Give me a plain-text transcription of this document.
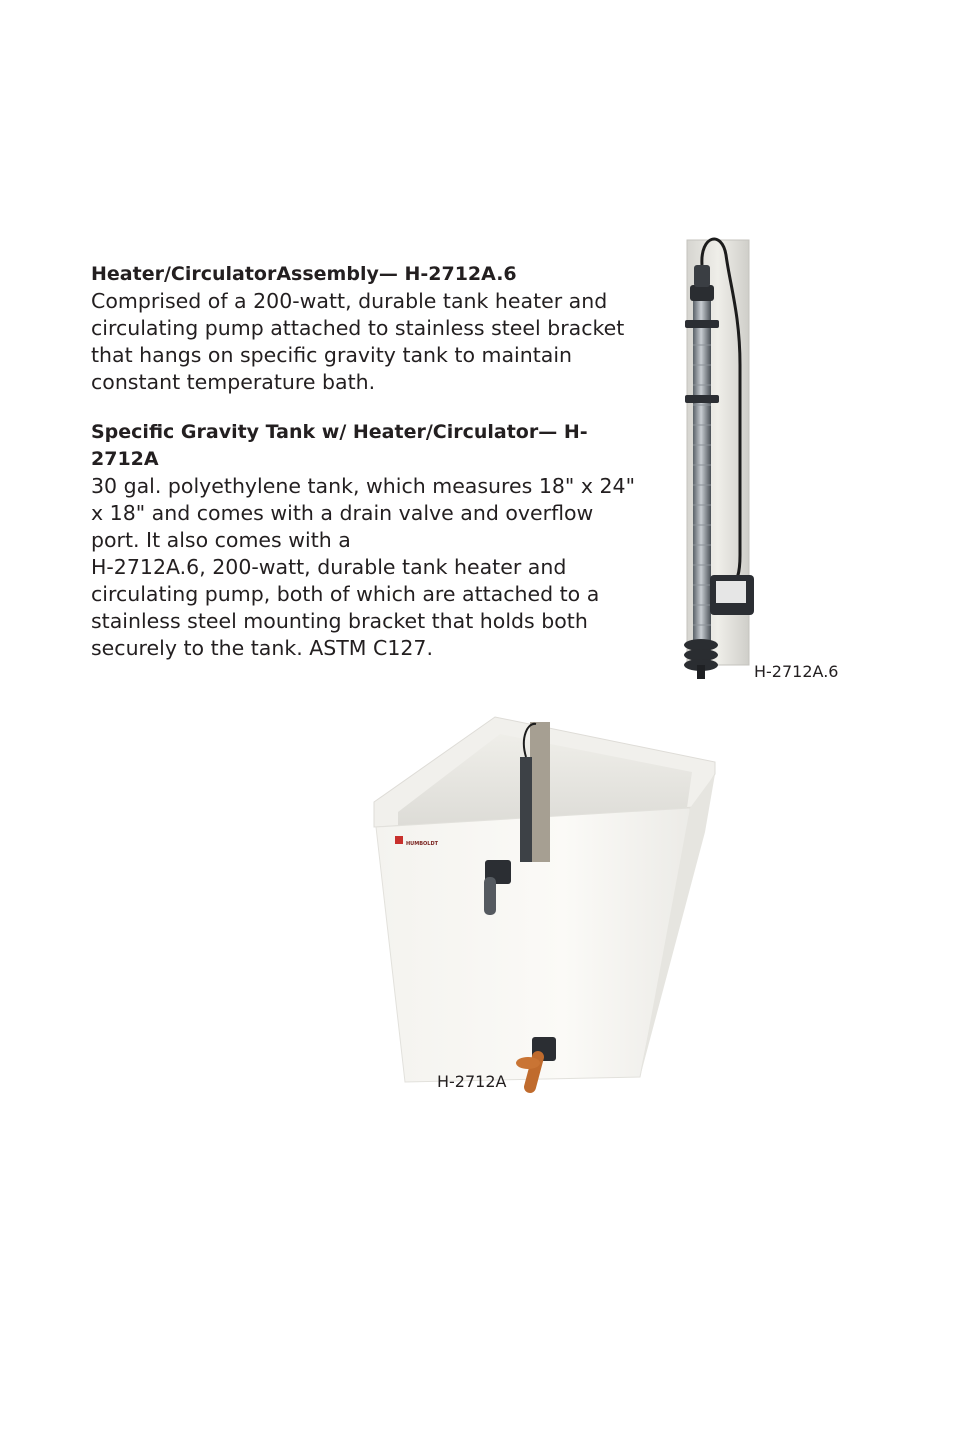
Heater/CirculatorAssembly— H-2712A.6

Comprised of a 200-watt, durable tank heater and
circulating pump attached to stainless steel bracket
that hangs on specific gravity tank to maintain
constant temperature bath.

Specific Gravity Tank w/ Heater/Circulator— H-2712A

30 gal. polyethylene tank, which measures 18" x 24"
x 18" and comes with a drain valve and overflow
port. It also comes with a
H-2712A.6, 200-watt, durable tank heater and
circulating pump, both of which are attached to a
stainless steel mounting bracket that holds both
securely to the tank. ASTM C127.

H-2712A.6
HUMBOLDT
H-2712A
